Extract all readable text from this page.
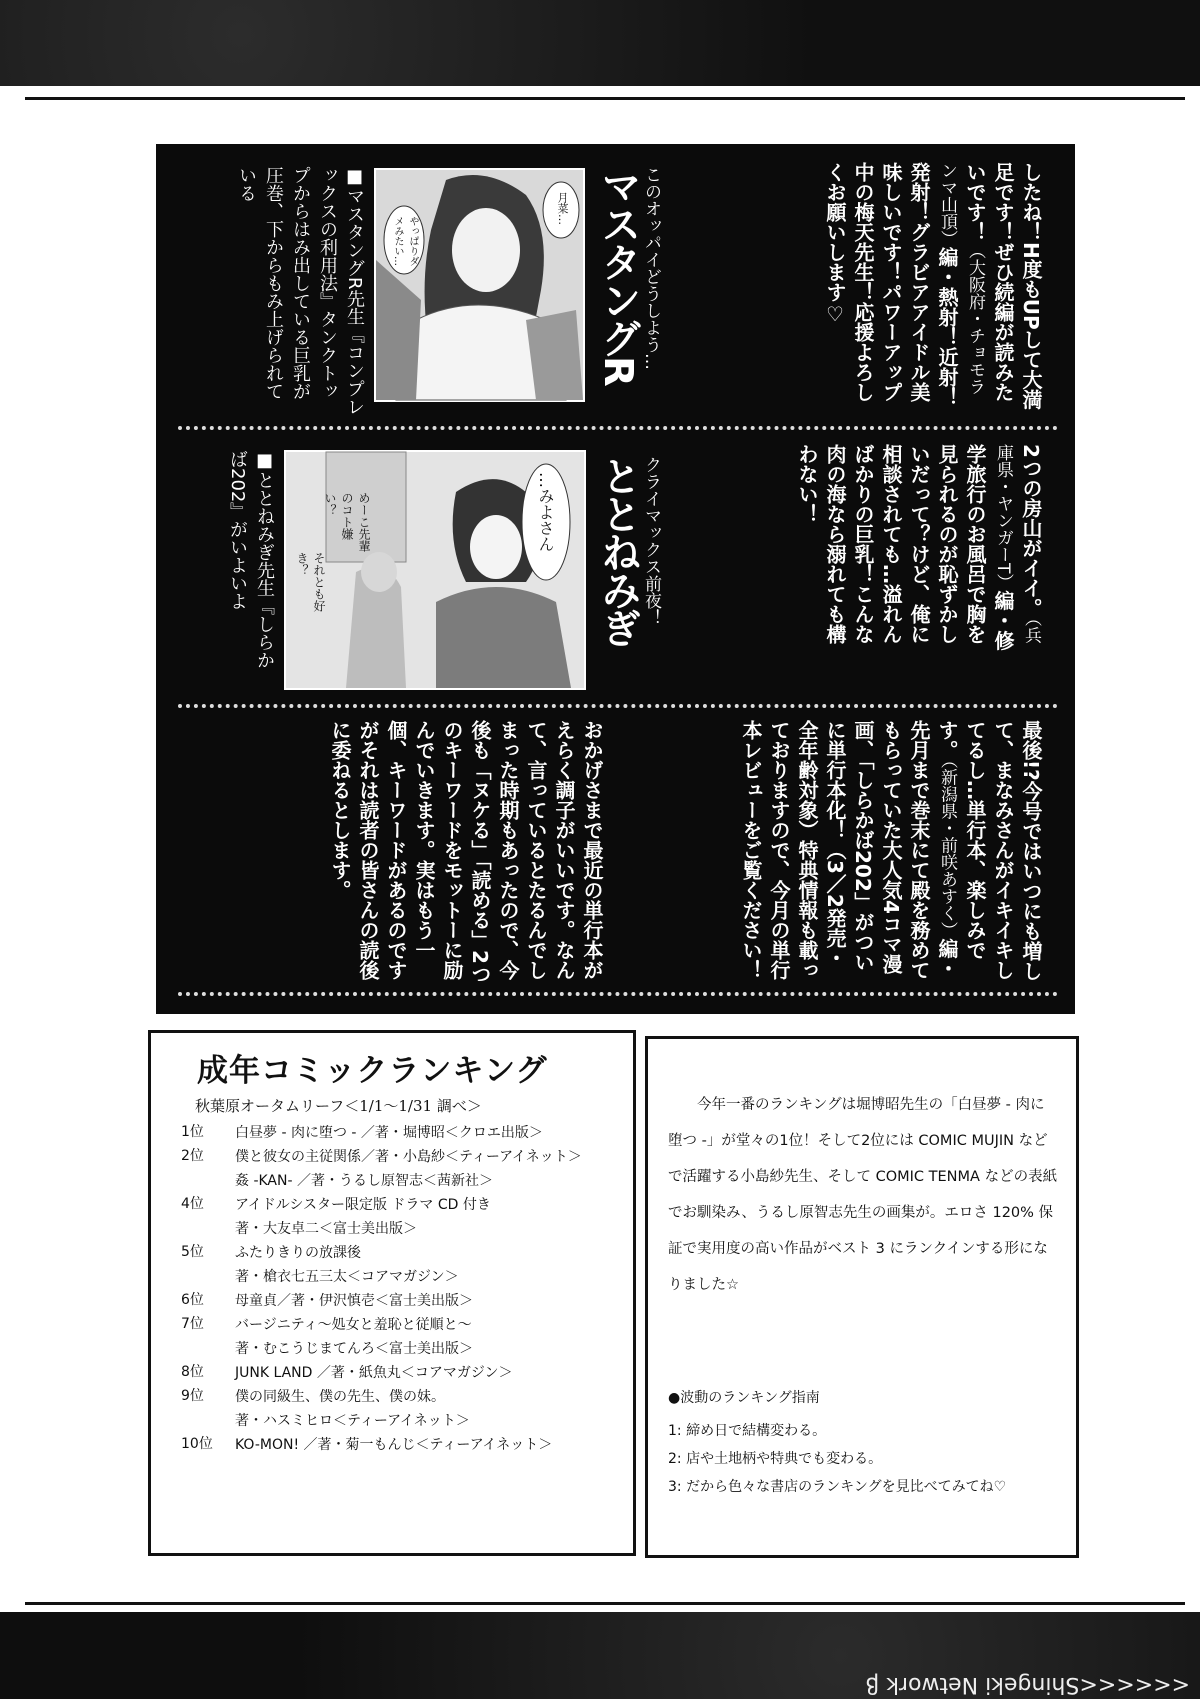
したね！H度もUPして大満足です！ぜひ続編が読みたいです！（大阪府・チョモランマ山頂）編・熱射！近射！発射！グラビアアイドル美味しいです！パワーアップ中の梅天先生！応援よろしくお願いします♡
2つの房山がイイ。（兵庫県・ヤンガーT）編・修学旅行のお風呂で胸を見られるのが恥ずかしいだって？けど、俺に相談されても…溢れんばかりの巨乳！こんな肉の海なら溺れても構わない！
最後!?今号ではいつにも増して、まなみさんがイキイキしてるし…単行本、楽しみです。（新潟県・前咲あすく）編・先月まで巻末にて殿を務めてもらっていた大人気4コマ漫画、「しらかば202」がついに単行本化！（3／2発売・全年齢対象）特典情報も載っておりますので、今月の単行本レビューをご覧ください！
おかげさまで最近の単行本がえらく調子がいいです。なんて、言っているとたるんでしまった時期もあったので、今後も「ヌケる」「読める」2つのキーワードをモットーに励んでいきます。実はもう一個、キーワードがあるのですがそれは読者の皆さんの読後に委ねるとします。
マスタングR このオッパイどうしよう…
月菜…
やっぱりダメみたい…
■マスタングR先生『コンプレックスの利用法』タンクトップからはみ出している巨乳が圧巻、下からもみ上げられている
ととねみぎ クライマックス前夜！
…みよさん
めーこ先輩のコト嫌い？
それとも好き？
■ととねみぎ先生『しらかば202』がいよいよ
成年コミックランキング
秋葉原オータムリーフ＜1/1～1/31 調べ＞
1位	白昼夢 - 肉に堕つ - ／著・堀博昭＜クロエ出版＞
2位	僕と彼女の主従関係／著・小島紗＜ティーアイネット＞
姦 -KAN- ／著・うるし原智志＜茜新社＞
4位	アイドルシスター限定版 ドラマ CD 付き
著・大友卓二＜富士美出版＞
5位	ふたりきりの放課後
著・槍衣七五三太＜コアマガジン＞
6位	母童貞／著・伊沢慎壱＜富士美出版＞
7位	バージニティ～処女と羞恥と従順と～
著・むこうじまてんろ＜富士美出版＞
8位	JUNK LAND ／著・紙魚丸＜コアマガジン＞
9位	僕の同級生、僕の先生、僕の妹。
著・ハスミヒロ＜ティーアイネット＞
10位	KO-MON! ／著・菊一もんじ＜ティーアイネット＞

今年一番のランキングは堀博昭先生の「白昼夢 - 肉に堕つ -」が堂々の1位！そして2位には COMIC MUJIN などで活躍する小島紗先生、そして COMIC TENMA などの表紙でお馴染み、うるし原智志先生の画集が。エロさ 120% 保証で実用度の高い作品がベスト 3 にランクインする形になりました☆

●波動のランキング指南
1: 締め日で結構変わる。
2: 店や土地柄や特典でも変わる。
3: だから色々な書店のランキングを見比べてみてね♡
<<<<<<Shingeki Network β
